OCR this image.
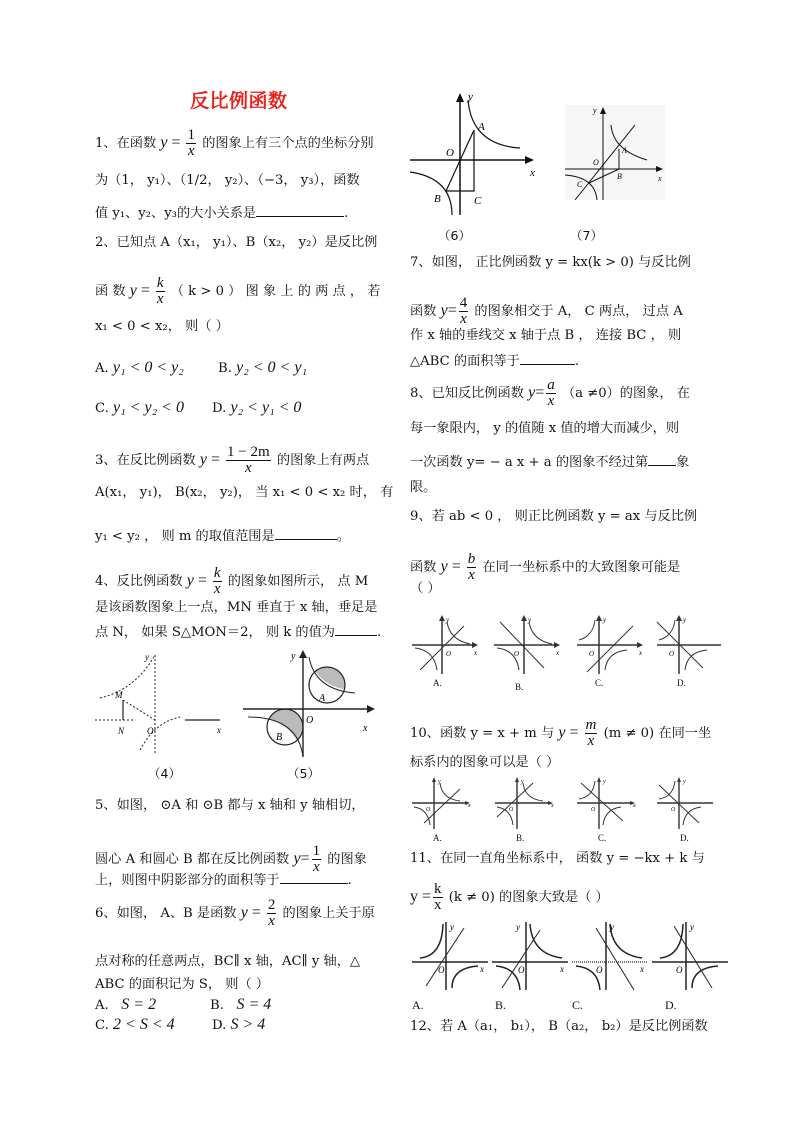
反比例函数
1、在函数 $y = \frac{1}{x}$ 的图象上有三个点的坐标分别
为（1， y₁）、（1/2， y₂）、（−3， y₃），函数
值 y₁、y₂、y₃的大小关系是	.
2、已知点 A（x₁， y₁）、B（x₂， y₂）是反比例
函 数 $y = \frac{k}{x}$ （ k > 0 ） 图 象 上 的 两 点 ， 若
x₁ < 0 < x₂， 则（ ）
A. y₁ < 0 < y₂	B. y₂ < 0 < y₁
C. y₁ < y₂ < 0 D. y₂ < y₁ < 0
3、在反比例函数 $y = \frac{1 - 2m}{x}$ 的图象上有两点
A(x₁， y₁)， B(x₂， y₂)， 当 x₁ < 0 < x₂ 时， 有
y₁ < y₂ ， 则 m 的取值范围是	。
4、反比例函数 $y = \frac{k}{x}$ 的图象如图所示， 点 M
是该函数图象上一点，MN 垂直于 x 轴，垂足是
点 N， 如果 S△MON＝2， 则 k 的值为	.
y
M
N	O	x
（4）
y
A
O
x
B
（5）
5、如图， ⊙A 和 ⊙B 都与 x 轴和 y 轴相切，
圆心 A 和圆心 B 都在反比例函数 $y= \frac{1}{x}$ 的图象
上，则图中阴影部分的面积等于	.
6、如图， A、B 是函数 $y = \frac{2}{x}$ 的图象上关于原
点对称的任意两点，BC∥ x 轴，AC∥ y 轴，△
ABC 的面积记为 S， 则（ ）
A. S = 2	B. S = 4
C. 2 < S < 4	D. S > 4
y
A
O
x
B	C
（6）
y
A
O
B	x
C
（7）
7、如图， 正比例函数 y = kx(k > 0) 与反比例
函数 $y= \frac{4}{x}$ 的图象相交于 A， C 两点， 过点 A
作 x 轴的垂线交 x 轴于点 B ， 连接 BC ， 则
△ABC 的面积等于	.
8、已知反比例函数 $y= \frac{a}{x} (a \ne 0)$的图象， 在
每一象限内， y 的值随 x 值的增大而减少，则
一次函数 y= − a x + a 的图象不经过第 象
限。
9、若 ab < 0 ， 则正比例函数 y = ax 与反比例
函数 $y = \frac{b}{x}$ 在同一坐标系中的大致图象可能是
（ ）
y
x
O
A.
y
x
O
B.
y
x
O
C.
y
O
D.
10、函数 y = x + m 与 $y = \frac{m}{x} (m \ne 0)$ 在同一坐
标系内的图象可以是（ ）
y
x
O
A.
y
x
O
B.
y
x
O
C.
y
O
D.
11、在同一直角坐标系中， 函数 y = −kx + k 与
$y = \frac{k}{x} (k \ne 0)$ 的图象大致是（ ）
y
x
O
A.
y
x
O
B.
y
x
O
C.
y
O
D.
12、若 A（a₁， b₁）， B（a₂， b₂）是反比例函数
